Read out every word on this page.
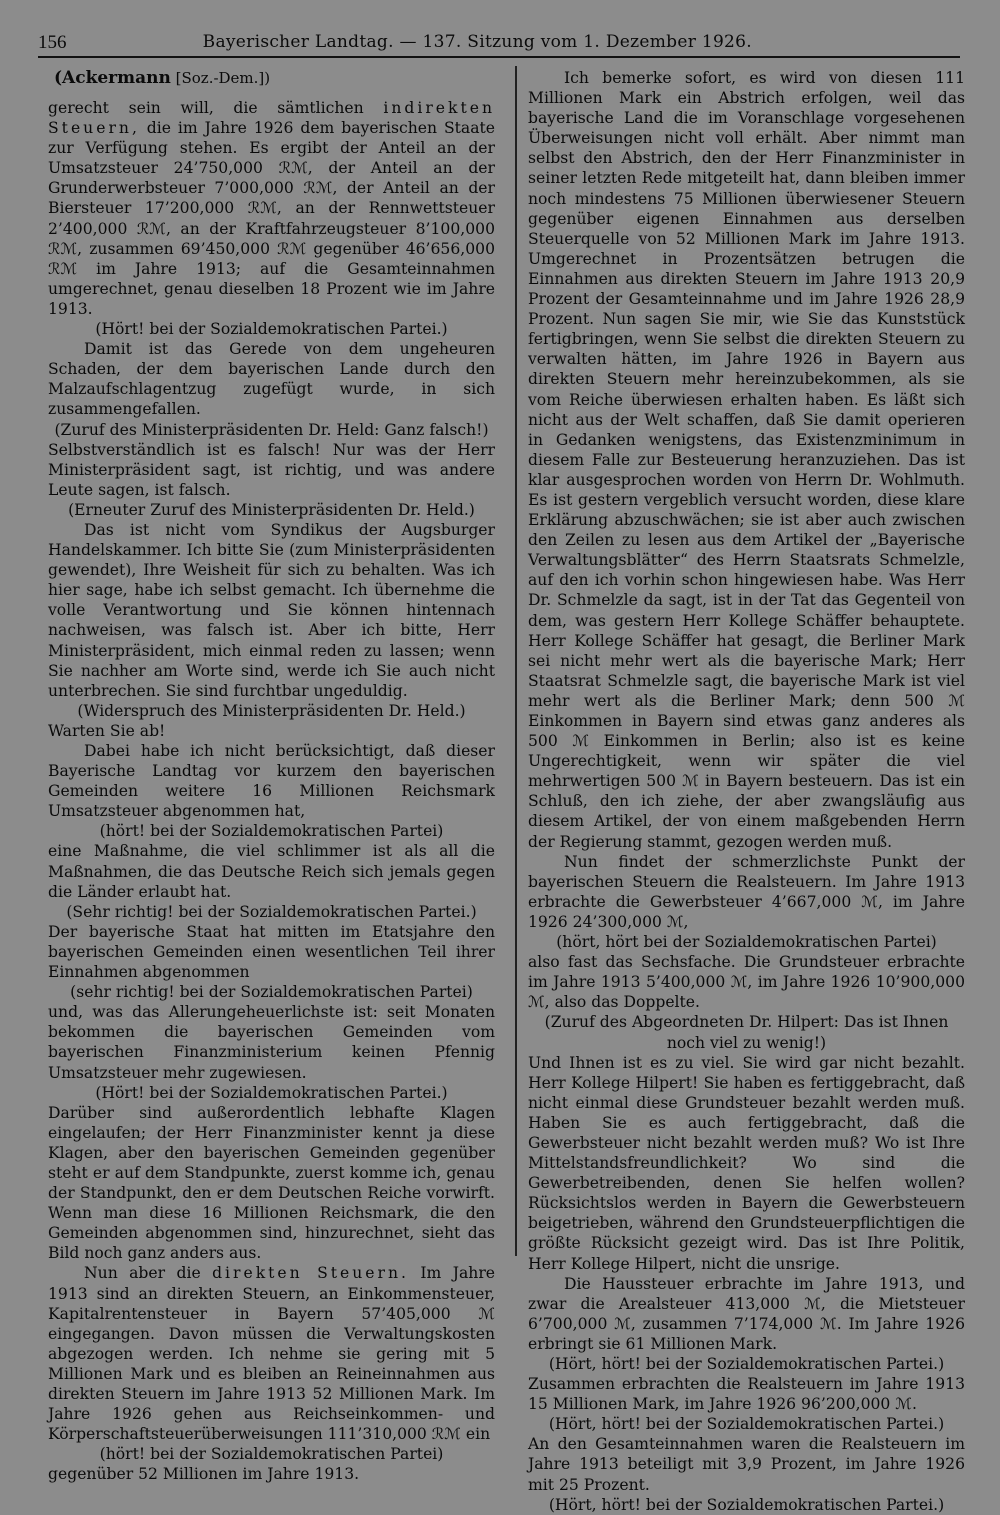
156	Bayerischer Landtag. — 137. Sitzung vom 1. Dezember 1926.
(Ackermann [Soz.-Dem.])

gerecht sein will, die sämtlichen indirekten Steuern, die im Jahre 1926 dem bayerischen Staate zur Verfügung stehen. Es ergibt der Anteil an der Umsatzsteuer 24’750,000 ℛℳ, der Anteil an der Grunderwerbsteuer 7’000,000 ℛℳ, der Anteil an der Biersteuer 17’200,000 ℛℳ, an der Rennwettsteuer 2’400,000 ℛℳ, an der Kraftfahrzeugsteuer 8’100,000 ℛℳ, zusammen 69’450,000 ℛℳ gegenüber 46’656,000 ℛℳ im Jahre 1913; auf die Gesamteinnahmen umgerechnet, genau dieselben 18 Prozent wie im Jahre 1913.

(Hört! bei der Sozialdemokratischen Partei.)

Damit ist das Gerede von dem ungeheuren Schaden, der dem bayerischen Lande durch den Malzaufschlagentzug zugefügt wurde, in sich zusammengefallen.

(Zuruf des Ministerpräsidenten Dr. Held: Ganz falsch!)

Selbstverständlich ist es falsch! Nur was der Herr Ministerpräsident sagt, ist richtig, und was andere Leute sagen, ist falsch.

(Erneuter Zuruf des Ministerpräsidenten Dr. Held.)

Das ist nicht vom Syndikus der Augsburger Handelskammer. Ich bitte Sie (zum Ministerpräsidenten gewendet), Ihre Weisheit für sich zu behalten. Was ich hier sage, habe ich selbst gemacht. Ich übernehme die volle Verantwortung und Sie können hintennach nachweisen, was falsch ist. Aber ich bitte, Herr Ministerpräsident, mich einmal reden zu lassen; wenn Sie nachher am Worte sind, werde ich Sie auch nicht unterbrechen. Sie sind furchtbar ungeduldig.

(Widerspruch des Ministerpräsidenten Dr. Held.)

Warten Sie ab!

Dabei habe ich nicht berücksichtigt, daß dieser Bayerische Landtag vor kurzem den bayerischen Gemeinden weitere 16 Millionen Reichsmark Umsatzsteuer abgenommen hat,

(hört! bei der Sozialdemokratischen Partei)

eine Maßnahme, die viel schlimmer ist als all die Maßnahmen, die das Deutsche Reich sich jemals gegen die Länder erlaubt hat.

(Sehr richtig! bei der Sozialdemokratischen Partei.)

Der bayerische Staat hat mitten im Etatsjahre den bayerischen Gemeinden einen wesentlichen Teil ihrer Einnahmen abgenommen

(sehr richtig! bei der Sozialdemokratischen Partei)

und, was das Allerungeheuerlichste ist: seit Monaten bekommen die bayerischen Gemeinden vom bayerischen Finanzministerium keinen Pfennig Umsatzsteuer mehr zugewiesen.

(Hört! bei der Sozialdemokratischen Partei.)

Darüber sind außerordentlich lebhafte Klagen eingelaufen; der Herr Finanzminister kennt ja diese Klagen, aber den bayerischen Gemeinden gegenüber steht er auf dem Standpunkte, zuerst komme ich, genau der Standpunkt, den er dem Deutschen Reiche vorwirft. Wenn man diese 16 Millionen Reichsmark, die den Gemeinden abgenommen sind, hinzurechnet, sieht das Bild noch ganz anders aus.

Nun aber die direkten Steuern. Im Jahre 1913 sind an direkten Steuern, an Einkommensteuer, Kapitalrentensteuer in Bayern 57’405,000 ℳ eingegangen. Davon müssen die Verwaltungskosten abgezogen werden. Ich nehme sie gering mit 5 Millionen Mark und es bleiben an Reineinnahmen aus direkten Steuern im Jahre 1913 52 Millionen Mark. Im Jahre 1926 gehen aus Reichseinkommen- und Körperschaftsteuerüberweisungen 111’310,000 ℛℳ ein

(hört! bei der Sozialdemokratischen Partei)

gegenüber 52 Millionen im Jahre 1913.

Ich bemerke sofort, es wird von diesen 111 Millionen Mark ein Abstrich erfolgen, weil das bayerische Land die im Voranschlage vorgesehenen Überweisungen nicht voll erhält. Aber nimmt man selbst den Abstrich, den der Herr Finanzminister in seiner letzten Rede mitgeteilt hat, dann bleiben immer noch mindestens 75 Millionen überwiesener Steuern gegenüber eigenen Einnahmen aus derselben Steuerquelle von 52 Millionen Mark im Jahre 1913. Umgerechnet in Prozentsätzen betrugen die Einnahmen aus direkten Steuern im Jahre 1913 20,9 Prozent der Gesamteinnahme und im Jahre 1926 28,9 Prozent. Nun sagen Sie mir, wie Sie das Kunststück fertigbringen, wenn Sie selbst die direkten Steuern zu verwalten hätten, im Jahre 1926 in Bayern aus direkten Steuern mehr hereinzubekommen, als sie vom Reiche überwiesen erhalten haben. Es läßt sich nicht aus der Welt schaffen, daß Sie damit operieren in Gedanken wenigstens, das Existenzminimum in diesem Falle zur Besteuerung heranzuziehen. Das ist klar ausgesprochen worden von Herrn Dr. Wohlmuth. Es ist gestern vergeblich versucht worden, diese klare Erklärung abzuschwächen; sie ist aber auch zwischen den Zeilen zu lesen aus dem Artikel der „Bayerische Verwaltungsblätter“ des Herrn Staatsrats Schmelzle, auf den ich vorhin schon hingewiesen habe. Was Herr Dr. Schmelzle da sagt, ist in der Tat das Gegenteil von dem, was gestern Herr Kollege Schäffer behauptete. Herr Kollege Schäffer hat gesagt, die Berliner Mark sei nicht mehr wert als die bayerische Mark; Herr Staatsrat Schmelzle sagt, die bayerische Mark ist viel mehr wert als die Berliner Mark; denn 500 ℳ Einkommen in Bayern sind etwas ganz anderes als 500 ℳ Einkommen in Berlin; also ist es keine Ungerechtigkeit, wenn wir später die viel mehrwertigen 500 ℳ in Bayern besteuern. Das ist ein Schluß, den ich ziehe, der aber zwangsläufig aus diesem Artikel, der von einem maßgebenden Herrn der Regierung stammt, gezogen werden muß.

Nun findet der schmerzlichste Punkt der bayerischen Steuern die Realsteuern. Im Jahre 1913 erbrachte die Gewerbsteuer 4’667,000 ℳ, im Jahre 1926 24’300,000 ℳ,

(hört, hört bei der Sozialdemokratischen Partei)

also fast das Sechsfache. Die Grundsteuer erbrachte im Jahre 1913 5’400,000 ℳ, im Jahre 1926 10’900,000 ℳ, also das Doppelte.

(Zuruf des Abgeordneten Dr. Hilpert: Das ist Ihnen noch viel zu wenig!)

Und Ihnen ist es zu viel. Sie wird gar nicht bezahlt. Herr Kollege Hilpert! Sie haben es fertiggebracht, daß nicht einmal diese Grundsteuer bezahlt werden muß. Haben Sie es auch fertiggebracht, daß die Gewerbsteuer nicht bezahlt werden muß? Wo ist Ihre Mittelstandsfreundlichkeit? Wo sind die Gewerbetreibenden, denen Sie helfen wollen? Rücksichtslos werden in Bayern die Gewerbsteuern beigetrieben, während den Grundsteuerpflichtigen die größte Rücksicht gezeigt wird. Das ist Ihre Politik, Herr Kollege Hilpert, nicht die unsrige.

Die Haussteuer erbrachte im Jahre 1913, und zwar die Arealsteuer 413,000 ℳ, die Mietsteuer 6’700,000 ℳ, zusammen 7’174,000 ℳ. Im Jahre 1926 erbringt sie 61 Millionen Mark.

(Hört, hört! bei der Sozialdemokratischen Partei.)

Zusammen erbrachten die Realsteuern im Jahre 1913 15 Millionen Mark, im Jahre 1926 96’200,000 ℳ.

(Hört, hört! bei der Sozialdemokratischen Partei.)

An den Gesamteinnahmen waren die Realsteuern im Jahre 1913 beteiligt mit 3,9 Prozent, im Jahre 1926 mit 25 Prozent.

(Hört, hört! bei der Sozialdemokratischen Partei.)
